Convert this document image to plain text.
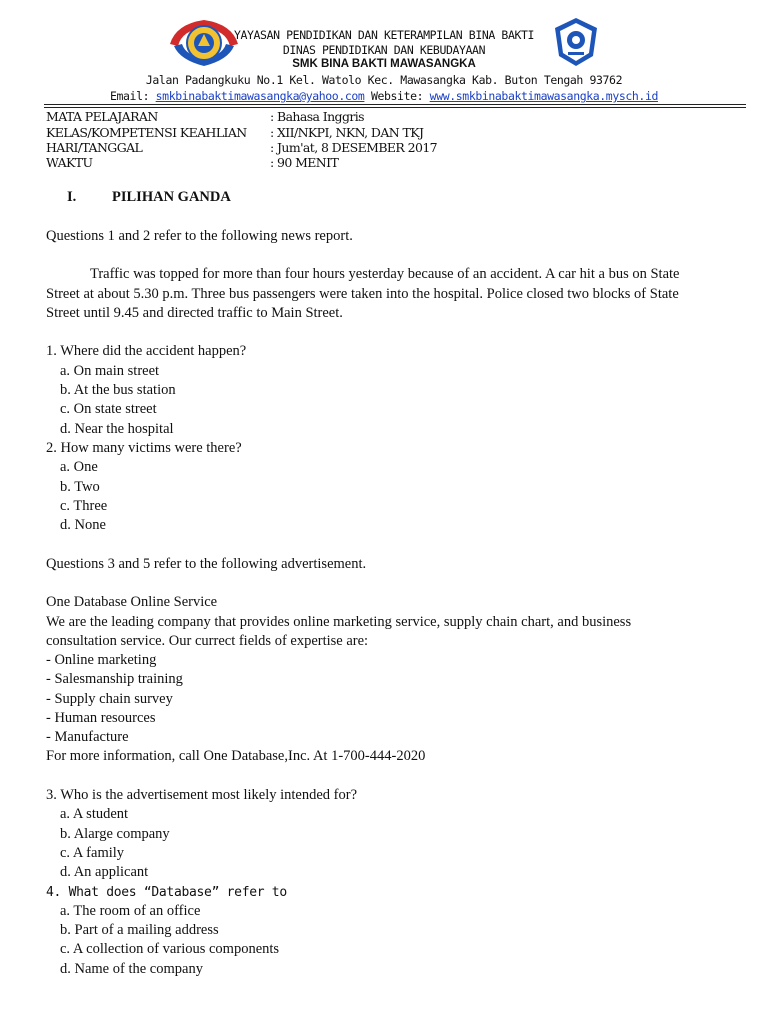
YAYASAN PENDIDIKAN DAN KETERAMPILAN BINA BAKTI
DINAS PENDIDIKAN DAN KEBUDAYAAN
SMK BINA BAKTI MAWASANGKA
Jalan Padangkuku No.1 Kel. Watolo Kec. Mawasangka Kab. Buton Tengah 93762
Email: smkbinabaktimawasangka@yahoo.com Website: www.smkbinabaktimawasangka.mysch.id
MATA PELAJARAN	: Bahasa Inggris
KELAS/KOMPETENSI KEAHLIAN : XII/NKPI, NKN, DAN TKJ
HARI/TANGGAL	: Jum'at, 8 DESEMBER 2017
WAKTU	: 90 MENIT
I. PILIHAN GANDA
Questions 1 and 2 refer to the following news report.
Traffic was topped for more than four hours yesterday because of an accident. A car hit a bus on State
Street at about 5.30 p.m. Three bus passengers were taken into the hospital. Police closed two blocks of State
Street until 9.45 and directed traffic to Main Street.
1. Where did the accident happen?
a. On main street
b. At the bus station
c. On state street
d. Near the hospital
2. How many victims were there?
a. One
b. Two
c. Three
d. None
Questions 3 and 5 refer to the following advertisement.
One Database Online Service
We are the leading company that provides online marketing service, supply chain chart, and business
consultation service. Our currect fields of expertise are:
- Online marketing
- Salesmanship training
- Supply chain survey
- Human resources
- Manufacture
For more information, call One Database,Inc. At 1-700-444-2020
3. Who is the advertisement most likely intended for?
a. A student
b. Alarge company
c. A family
d. An applicant
4. What does “Database” refer to
a. The room of an office
b. Part of a mailing address
c. A collection of various components
d. Name of the company
